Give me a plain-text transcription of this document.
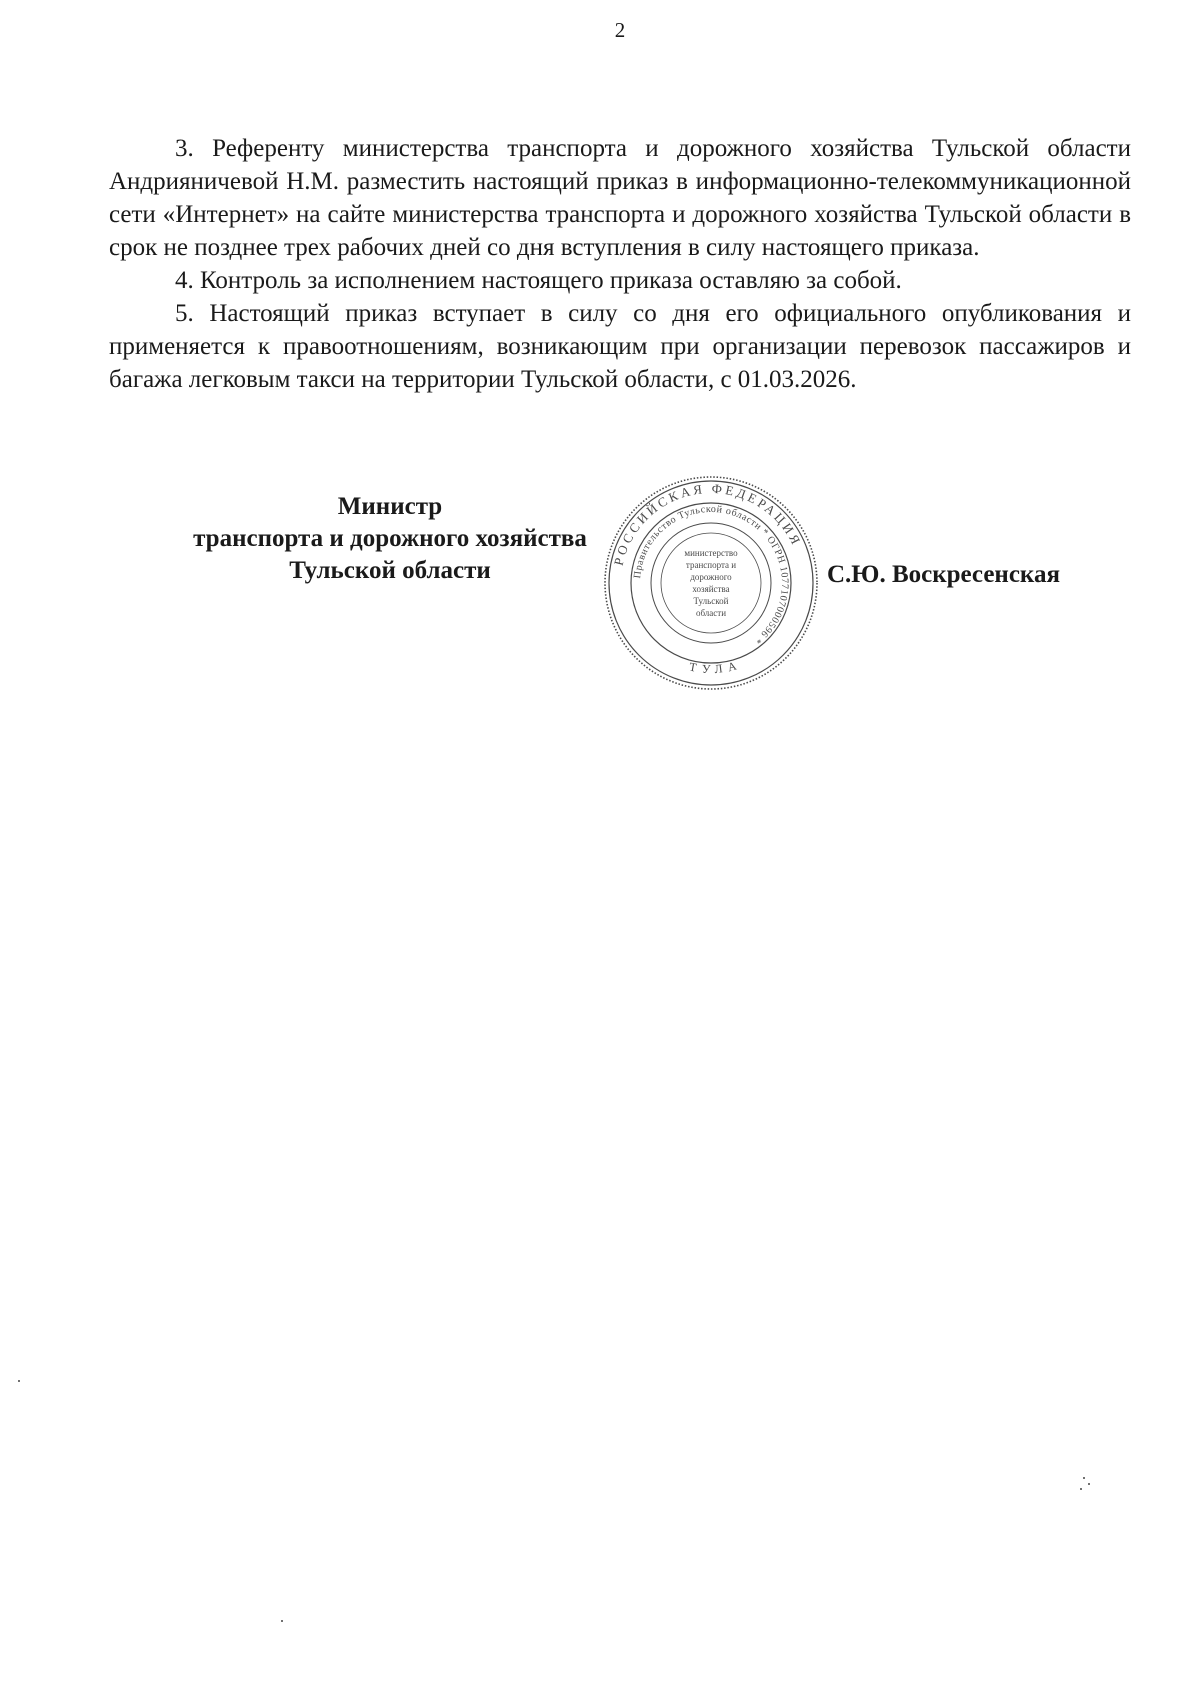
2

3. Референту министерства транспорта и дорожного хозяйства Тульской области Андрияничевой Н.М. разместить настоящий приказ в информационно-телекоммуникационной сети «Интернет» на сайте министерства транспорта и дорожного хозяйства Тульской области в срок не позднее трех рабочих дней со дня вступления в силу настоящего приказа.

4. Контроль за исполнением настоящего приказа оставляю за собой.

5. Настоящий приказ вступает в силу со дня его официального опубликования и применяется к правоотношениям, возникающим при организации перевозок пассажиров и багажа легковым такси на территории Тульской области, с 01.03.2026.

Министр
транспорта и дорожного хозяйства
Тульской области	РОССИЙСКАЯ ФЕДЕРАЦИЯ
Правительство Тульской области * ОГРН 1077107000596 *
ТУЛА
министерство
транспорта и
дорожного
хозяйства
Тульской
области
С.Ю. Воскресенская
